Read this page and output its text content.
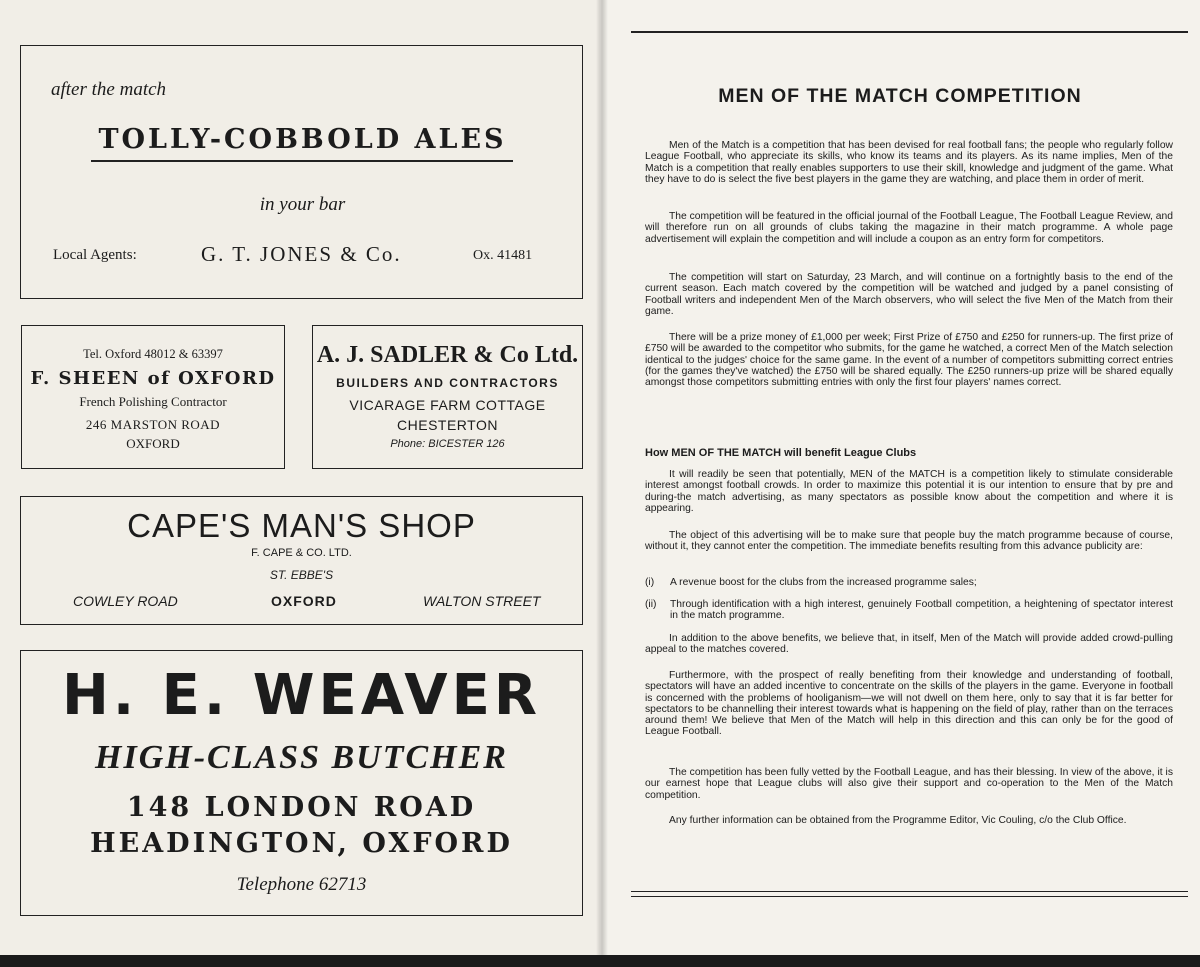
after the match
TOLLY-COBBOLD ALES
in your bar
Local Agents:	G. T. JONES & Co.	Ox. 41481
Tel. Oxford 48012 & 63397
F. SHEEN of OXFORD
French Polishing Contractor
246 MARSTON ROAD
OXFORD
A. J. SADLER & Co Ltd.
BUILDERS AND CONTRACTORS
VICARAGE FARM COTTAGE
CHESTERTON
Phone: BICESTER 126
CAPE'S MAN'S SHOP
F. CAPE & CO. LTD.
ST. EBBE'S
COWLEY ROAD	OXFORD	WALTON STREET
H. E. WEAVER
HIGH-CLASS BUTCHER
148 LONDON ROAD
HEADINGTON, OXFORD
Telephone 62713
MEN OF THE MATCH COMPETITION

Men of the Match is a competition that has been devised for real football fans; the people who regularly follow League Football, who appreciate its skills, who know its teams and its players. As its name implies, Men of the Match is a competition that really enables supporters to use their skill, knowledge and judgment of the game. What they have to do is select the five best players in the game they are watching, and place them in order of merit.

The competition will be featured in the official journal of the Football League, The Football League Review, and will therefore run on all grounds of clubs taking the magazine in their match programme. A whole page advertisement will explain the competition and will include a coupon as an entry form for competitors.

The competition will start on Saturday, 23 March, and will continue on a fortnightly basis to the end of the current season. Each match covered by the competition will be watched and judged by a panel consisting of Football writers and independent Men of the March observers, who will select the five Men of the Match from their game.

There will be a prize money of £1,000 per week; First Prize of £750 and £250 for runners-up. The first prize of £750 will be awarded to the competitor who submits, for the game he watched, a correct Men of the Match selection identical to the judges' choice for the same game. In the event of a number of competitors submitting correct entries (for the games they've watched) the £750 will be shared equally. The £250 runners-up prize will be shared equally amongst those competitors submitting entries with only the first four players' names correct.

How MEN OF THE MATCH will benefit League Clubs

It will readily be seen that potentially, MEN of the MATCH is a competition likely to stimulate considerable interest amongst football crowds. In order to maximize this potential it is our intention to ensure that by pre and during-the match advertising, as many spectators as possible know about the competition and where it is appearing.

The object of this advertising will be to make sure that people buy the match programme because of course, without it, they cannot enter the competition. The immediate benefits resulting from this advance publicity are:

(i) A revenue boost for the clubs from the increased programme sales;
(ii) Through identification with a high interest, genuinely Football competition, a heightening of spectator interest in the match programme.

In addition to the above benefits, we believe that, in itself, Men of the Match will provide added crowd-pulling appeal to the matches covered.

Furthermore, with the prospect of really benefiting from their knowledge and understanding of football, spectators will have an added incentive to concentrate on the skills of the players in the game. Everyone in football is concerned with the problems of hooliganism—we will not dwell on them here, only to say that it is far better for spectators to be channelling their interest towards what is happening on the field of play, rather than on the terraces around them! We believe that Men of the Match will help in this direction and this can only be for the good of League Football.

The competition has been fully vetted by the Football League, and has their blessing. In view of the above, it is our earnest hope that League clubs will also give their support and co-operation to the Men of the Match competition.

Any further information can be obtained from the Programme Editor, Vic Couling, c/o the Club Office.
